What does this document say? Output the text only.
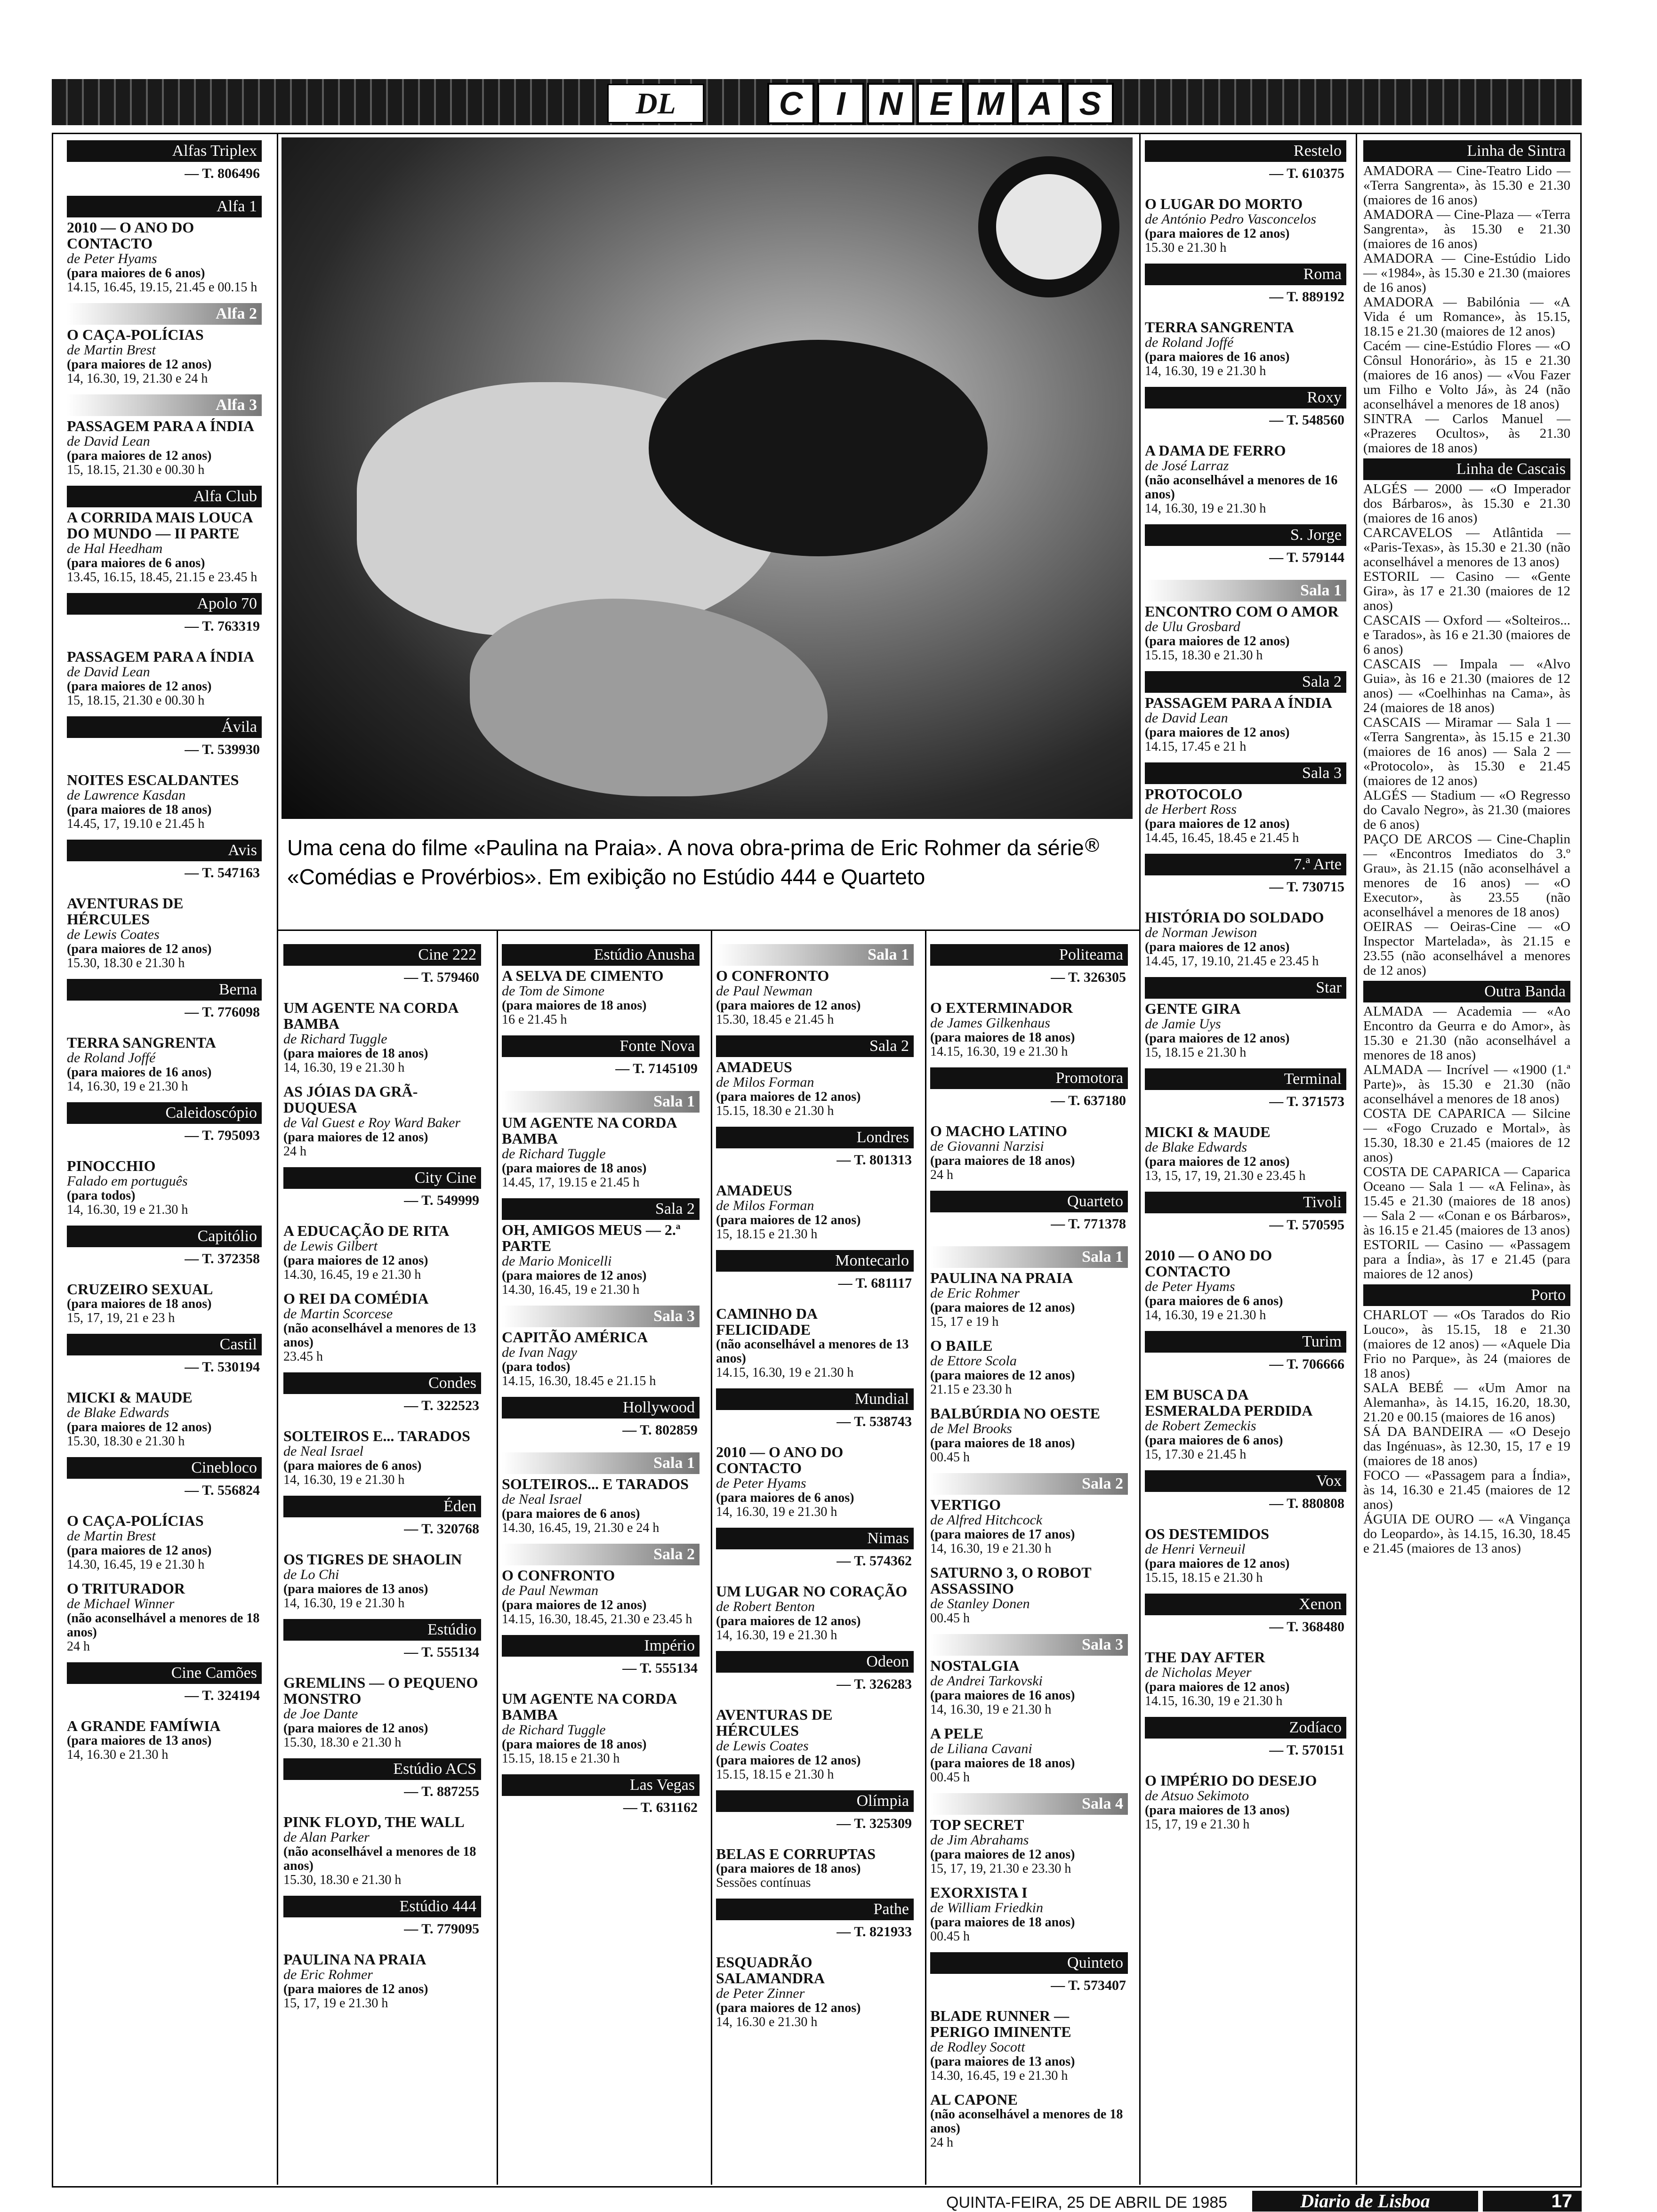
DL	C	I	N E M A S
Uma cena do filme «Paulina na Praia». A nova obra-prima de Eric Rohmer da série «Comédias e Provérbios». Em exibição no Estúdio 444 e Quarteto
®
Alfas Triplex
— T. 806496
Alfa 1
2010 — O ANO DO CONTACTO
de Peter Hyams
(para maiores de 6 anos)
14.15, 16.45, 19.15, 21.45 e 00.15 h
Alfa 2
O CAÇA-POLÍCIAS
de Martin Brest
(para maiores de 12 anos)
14, 16.30, 19, 21.30 e 24 h
Alfa 3
PASSAGEM PARA A ÍNDIA
de David Lean
(para maiores de 12 anos)
15, 18.15, 21.30 e 00.30 h
Alfa Club
A CORRIDA MAIS LOUCA DO MUNDO — II PARTE
de Hal Heedham
(para maiores de 6 anos)
13.45, 16.15, 18.45, 21.15 e 23.45 h
Apolo 70
— T. 763319
PASSAGEM PARA A ÍNDIA
de David Lean
(para maiores de 12 anos)
15, 18.15, 21.30 e 00.30 h
Ávila
— T. 539930
NOITES ESCALDANTES
de Lawrence Kasdan
(para maiores de 18 anos)
14.45, 17, 19.10 e 21.45 h
Avis
— T. 547163
AVENTURAS DE HÉRCULES
de Lewis Coates
(para maiores de 12 anos)
15.30, 18.30 e 21.30 h
Berna
— T. 776098
TERRA SANGRENTA
de Roland Joffé
(para maiores de 16 anos)
14, 16.30, 19 e 21.30 h
Caleidoscópio
— T. 795093
PINOCCHIO
Falado em português
(para todos)
14, 16.30, 19 e 21.30 h
Capitólio
— T. 372358
CRUZEIRO SEXUAL
(para maiores de 18 anos)
15, 17, 19, 21 e 23 h
Castil
— T. 530194
MICKI & MAUDE
de Blake Edwards
(para maiores de 12 anos)
15.30, 18.30 e 21.30 h
Cinebloco
— T. 556824
O CAÇA-POLÍCIAS
de Martin Brest
(para maiores de 12 anos)
14.30, 16.45, 19 e 21.30 h
O TRITURADOR
de Michael Winner
(não aconselhável a menores de 18 anos)
24 h
Cine Camões
— T. 324194
A GRANDE FAMÍWIA
(para maiores de 13 anos)
14, 16.30 e 21.30 h
Cine 222
— T. 579460
UM AGENTE NA CORDA BAMBA
de Richard Tuggle
(para maiores de 18 anos)
14, 16.30, 19 e 21.30 h
AS JÓIAS DA GRÃ-DUQUESA
de Val Guest e Roy Ward Baker
(para maiores de 12 anos)
24 h
City Cine
— T. 549999
A EDUCAÇÃO DE RITA
de Lewis Gilbert
(para maiores de 12 anos)
14.30, 16.45, 19 e 21.30 h
O REI DA COMÉDIA
de Martin Scorcese
(não aconselhável a menores de 13 anos)
23.45 h
Condes
— T. 322523
SOLTEIROS E... TARADOS
de Neal Israel
(para maiores de 6 anos)
14, 16.30, 19 e 21.30 h
Éden
— T. 320768
OS TIGRES DE SHAOLIN
de Lo Chi
(para maiores de 13 anos)
14, 16.30, 19 e 21.30 h
Estúdio
— T. 555134
GREMLINS — O PEQUENO MONSTRO
de Joe Dante
(para maiores de 12 anos)
15.30, 18.30 e 21.30 h
Estúdio ACS
— T. 887255
PINK FLOYD, THE WALL
de Alan Parker
(não aconselhável a menores de 18 anos)
15.30, 18.30 e 21.30 h
Estúdio 444
— T. 779095
PAULINA NA PRAIA
de Eric Rohmer
(para maiores de 12 anos)
15, 17, 19 e 21.30 h
Estúdio Anusha
A SELVA DE CIMENTO
de Tom de Simone
(para maiores de 18 anos)
16 e 21.45 h
Fonte Nova
— T. 7145109
Sala 1
UM AGENTE NA CORDA BAMBA
de Richard Tuggle
(para maiores de 18 anos)
14.45, 17, 19.15 e 21.45 h
Sala 2
OH, AMIGOS MEUS — 2.ª PARTE
de Mario Monicelli
(para maiores de 12 anos)
14.30, 16.45, 19 e 21.30 h
Sala 3
CAPITÃO AMÉRICA
de Ivan Nagy
(para todos)
14.15, 16.30, 18.45 e 21.15 h
Hollywood
— T. 802859
Sala 1
SOLTEIROS... E TARADOS
de Neal Israel
(para maiores de 6 anos)
14.30, 16.45, 19, 21.30 e 24 h
Sala 2
O CONFRONTO
de Paul Newman
(para maiores de 12 anos)
14.15, 16.30, 18.45, 21.30 e 23.45 h
Império
— T. 555134
UM AGENTE NA CORDA BAMBA
de Richard Tuggle
(para maiores de 18 anos)
15.15, 18.15 e 21.30 h
Las Vegas
— T. 631162
Sala 1
O CONFRONTO
de Paul Newman
(para maiores de 12 anos)
15.30, 18.45 e 21.45 h
Sala 2
AMADEUS
de Milos Forman
(para maiores de 12 anos)
15.15, 18.30 e 21.30 h
Londres
— T. 801313
AMADEUS
de Milos Forman
(para maiores de 12 anos)
15, 18.15 e 21.30 h
Montecarlo
— T. 681117
CAMINHO DA FELICIDADE
(não aconselhável a menores de 13 anos)
14.15, 16.30, 19 e 21.30 h
Mundial
— T. 538743
2010 — O ANO DO CONTACTO
de Peter Hyams
(para maiores de 6 anos)
14, 16.30, 19 e 21.30 h
Nimas
— T. 574362
UM LUGAR NO CORAÇÃO
de Robert Benton
(para maiores de 12 anos)
14, 16.30, 19 e 21.30 h
Odeon
— T. 326283
AVENTURAS DE HÉRCULES
de Lewis Coates
(para maiores de 12 anos)
15.15, 18.15 e 21.30 h
Olímpia
— T. 325309
BELAS E CORRUPTAS
(para maiores de 18 anos)
Sessões contínuas
Pathe
— T. 821933
ESQUADRÃO SALAMANDRA
de Peter Zinner
(para maiores de 12 anos)
14, 16.30 e 21.30 h
Politeama
— T. 326305
O EXTERMINADOR
de James Gilkenhaus
(para maiores de 18 anos)
14.15, 16.30, 19 e 21.30 h
Promotora
— T. 637180
O MACHO LATINO
de Giovanni Narzisi
(para maiores de 18 anos)
24 h
Quarteto
— T. 771378
Sala 1
PAULINA NA PRAIA
de Eric Rohmer
(para maiores de 12 anos)
15, 17 e 19 h
O BAILE
de Ettore Scola
(para maiores de 12 anos)
21.15 e 23.30 h
BALBÚRDIA NO OESTE
de Mel Brooks
(para maiores de 18 anos)
00.45 h
Sala 2
VERTIGO
de Alfred Hitchcock
(para maiores de 17 anos)
14, 16.30, 19 e 21.30 h
SATURNO 3, O ROBOT ASSASSINO
de Stanley Donen
00.45 h
Sala 3
NOSTALGIA
de Andrei Tarkovski
(para maiores de 16 anos)
14, 16.30, 19 e 21.30 h
A PELE
de Liliana Cavani
(para maiores de 18 anos)
00.45 h
Sala 4
TOP SECRET
de Jim Abrahams
(para maiores de 12 anos)
15, 17, 19, 21.30 e 23.30 h
EXORXISTA I
de William Friedkin
(para maiores de 18 anos)
00.45 h
Quinteto
— T. 573407
BLADE RUNNER — PERIGO IMINENTE
de Rodley Socott
(para maiores de 13 anos)
14.30, 16.45, 19 e 21.30 h
AL CAPONE
(não aconselhável a menores de 18 anos)
24 h
Restelo
— T. 610375
O LUGAR DO MORTO
de António Pedro Vasconcelos
(para maiores de 12 anos)
15.30 e 21.30 h
Roma
— T. 889192
TERRA SANGRENTA
de Roland Joffé
(para maiores de 16 anos)
14, 16.30, 19 e 21.30 h
Roxy
— T. 548560
A DAMA DE FERRO
de José Larraz
(não aconselhável a menores de 16 anos)
14, 16.30, 19 e 21.30 h
S. Jorge
— T. 579144
Sala 1
ENCONTRO COM O AMOR
de Ulu Grosbard
(para maiores de 12 anos)
15.15, 18.30 e 21.30 h
Sala 2
PASSAGEM PARA A ÍNDIA
de David Lean
(para maiores de 12 anos)
14.15, 17.45 e 21 h
Sala 3
PROTOCOLO
de Herbert Ross
(para maiores de 12 anos)
14.45, 16.45, 18.45 e 21.45 h
7.ª Arte
— T. 730715
HISTÓRIA DO SOLDADO
de Norman Jewison
(para maiores de 12 anos)
14.45, 17, 19.10, 21.45 e 23.45 h
Star
GENTE GIRA
de Jamie Uys
(para maiores de 12 anos)
15, 18.15 e 21.30 h
Terminal
— T. 371573
MICKI & MAUDE
de Blake Edwards
(para maiores de 12 anos)
13, 15, 17, 19, 21.30 e 23.45 h
Tivoli
— T. 570595
2010 — O ANO DO CONTACTO
de Peter Hyams
(para maiores de 6 anos)
14, 16.30, 19 e 21.30 h
Turim
— T. 706666
EM BUSCA DA ESMERALDA PERDIDA
de Robert Zemeckis
(para maiores de 6 anos)
15, 17.30 e 21.45 h
Vox
— T. 880808
OS DESTEMIDOS
de Henri Verneuil
(para maiores de 12 anos)
15.15, 18.15 e 21.30 h
Xenon
— T. 368480
THE DAY AFTER
de Nicholas Meyer
(para maiores de 12 anos)
14.15, 16.30, 19 e 21.30 h
Zodíaco
— T. 570151
O IMPÉRIO DO DESEJO
de Atsuo Sekimoto
(para maiores de 13 anos)
15, 17, 19 e 21.30 h
Linha de Sintra
AMADORA — Cine-Teatro Lido — «Terra Sangrenta», às 15.30 e 21.30 (maiores de 16 anos)
AMADORA — Cine-Plaza — «Terra Sangrenta», às 15.30 e 21.30 (maiores de 16 anos)
AMADORA — Cine-Estúdio Lido — «1984», às 15.30 e 21.30 (maiores de 16 anos)
AMADORA — Babilónia — «A Vida é um Romance», às 15.15, 18.15 e 21.30 (maiores de 12 anos)
Cacém — cine-Estúdio Flores — «O Cônsul Honorário», às 15 e 21.30 (maiores de 16 anos) — «Vou Fazer um Filho e Volto Já», às 24 (não aconselhável a menores de 18 anos)
SINTRA — Carlos Manuel — «Prazeres Ocultos», às 21.30 (maiores de 18 anos)
Linha de Cascais
ALGÉS — 2000 — «O Imperador dos Bárbaros», às 15.30 e 21.30 (maiores de 16 anos)
CARCAVELOS — Atlântida — «Paris-Texas», às 15.30 e 21.30 (não aconselhável a menores de 13 anos)
ESTORIL — Casino — «Gente Gira», às 17 e 21.30 (maiores de 12 anos)
CASCAIS — Oxford — «Solteiros... e Tarados», às 16 e 21.30 (maiores de 6 anos)
CASCAIS — Impala — «Alvo Guia», às 16 e 21.30 (maiores de 12 anos) — «Coelhinhas na Cama», às 24 (maiores de 18 anos)
CASCAIS — Miramar — Sala 1 — «Terra Sangrenta», às 15.15 e 21.30 (maiores de 16 anos) — Sala 2 — «Protocolo», às 15.30 e 21.45 (maiores de 12 anos)
ALGÉS — Stadium — «O Regresso do Cavalo Negro», às 21.30 (maiores de 6 anos)
PAÇO DE ARCOS — Cine-Chaplin — «Encontros Imediatos do 3.º Grau», às 21.15 (não aconselhável a menores de 16 anos) — «O Executor», às 23.55 (não aconselhável a menores de 18 anos)
OEIRAS — Oeiras-Cine — «O Inspector Martelada», às 21.15 e 23.55 (não aconselhável a menores de 12 anos)
Outra Banda
ALMADA — Academia — «Ao Encontro da Geurra e do Amor», às 15.30 e 21.30 (não aconselhável a menores de 18 anos)
ALMADA — Incrível — «1900 (1.ª Parte)», às 15.30 e 21.30 (não aconselhável a menores de 18 anos)
COSTA DE CAPARICA — Silcine — «Fogo Cruzado e Mortal», às 15.30, 18.30 e 21.45 (maiores de 12 anos)
COSTA DE CAPARICA — Caparica Oceano — Sala 1 — «A Felina», às 15.45 e 21.30 (maiores de 18 anos) — Sala 2 — «Conan e os Bárbaros», às 16.15 e 21.45 (maiores de 13 anos)
ESTORIL — Casino — «Passagem para a Índia», às 17 e 21.45 (para maiores de 12 anos)
Porto
CHARLOT — «Os Tarados do Rio Louco», às 15.15, 18 e 21.30 (maiores de 12 anos) — «Aquele Dia Frio no Parque», às 24 (maiores de 18 anos)
SALA BEBÉ — «Um Amor na Alemanha», às 14.15, 16.20, 18.30, 21.20 e 00.15 (maiores de 16 anos)
SÁ DA BANDEIRA — «O Desejo das Ingénuas», às 12.30, 15, 17 e 19 (maiores de 18 anos)
FOCO — «Passagem para a Índia», às 14, 16.30 e 21.45 (maiores de 12 anos)
ÁGUIA DE OURO — «A Vingança do Leopardo», às 14.15, 16.30, 18.45 e 21.45 (maiores de 13 anos)
QUINTA-FEIRA, 25 DE ABRIL DE 1985	Diario de Lisboa	17
